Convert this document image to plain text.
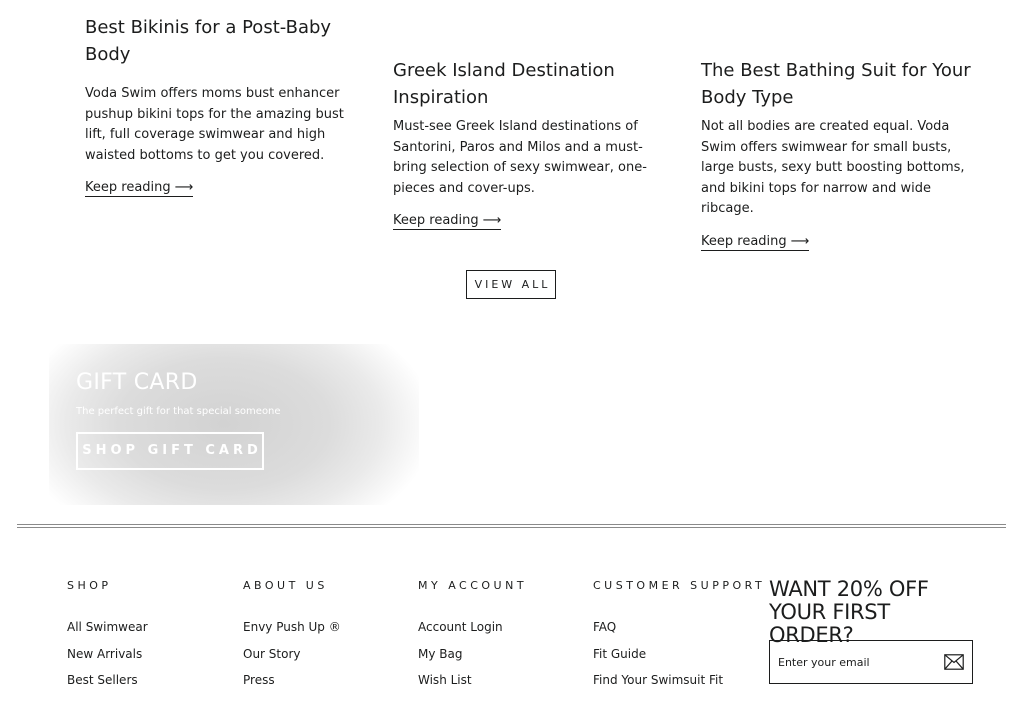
Best Bikinis for a Post-Baby Body

Voda Swim offers moms bust enhancer pushup bikini tops for the amazing bust lift, full coverage swimwear and high waisted bottoms to get you covered.

Keep reading ⟶
Greek Island Destination Inspiration

Must-see Greek Island destinations of Santorini, Paros and Milos and a must-bring selection of sexy swimwear, one-pieces and cover-ups.

Keep reading ⟶
The Best Bathing Suit for Your Body Type

Not all bodies are created equal. Voda Swim offers swimwear for small busts, large busts, sexy butt boosting bottoms, and bikini tops for narrow and wide ribcage.

Keep reading ⟶
VIEW ALL
GIFT CARD
The perfect gift for that special someone
SHOP GIFT CARD
SHOP
All Swimwear
New Arrivals
Best Sellers
ABOUT US
Envy Push Up ®
Our Story
Press
MY ACCOUNT
Account Login
My Bag
Wish List
CUSTOMER SUPPORT
FAQ
Fit Guide
Find Your Swimsuit Fit
WANT 20% OFF
YOUR FIRST ORDER?
Enter your email
